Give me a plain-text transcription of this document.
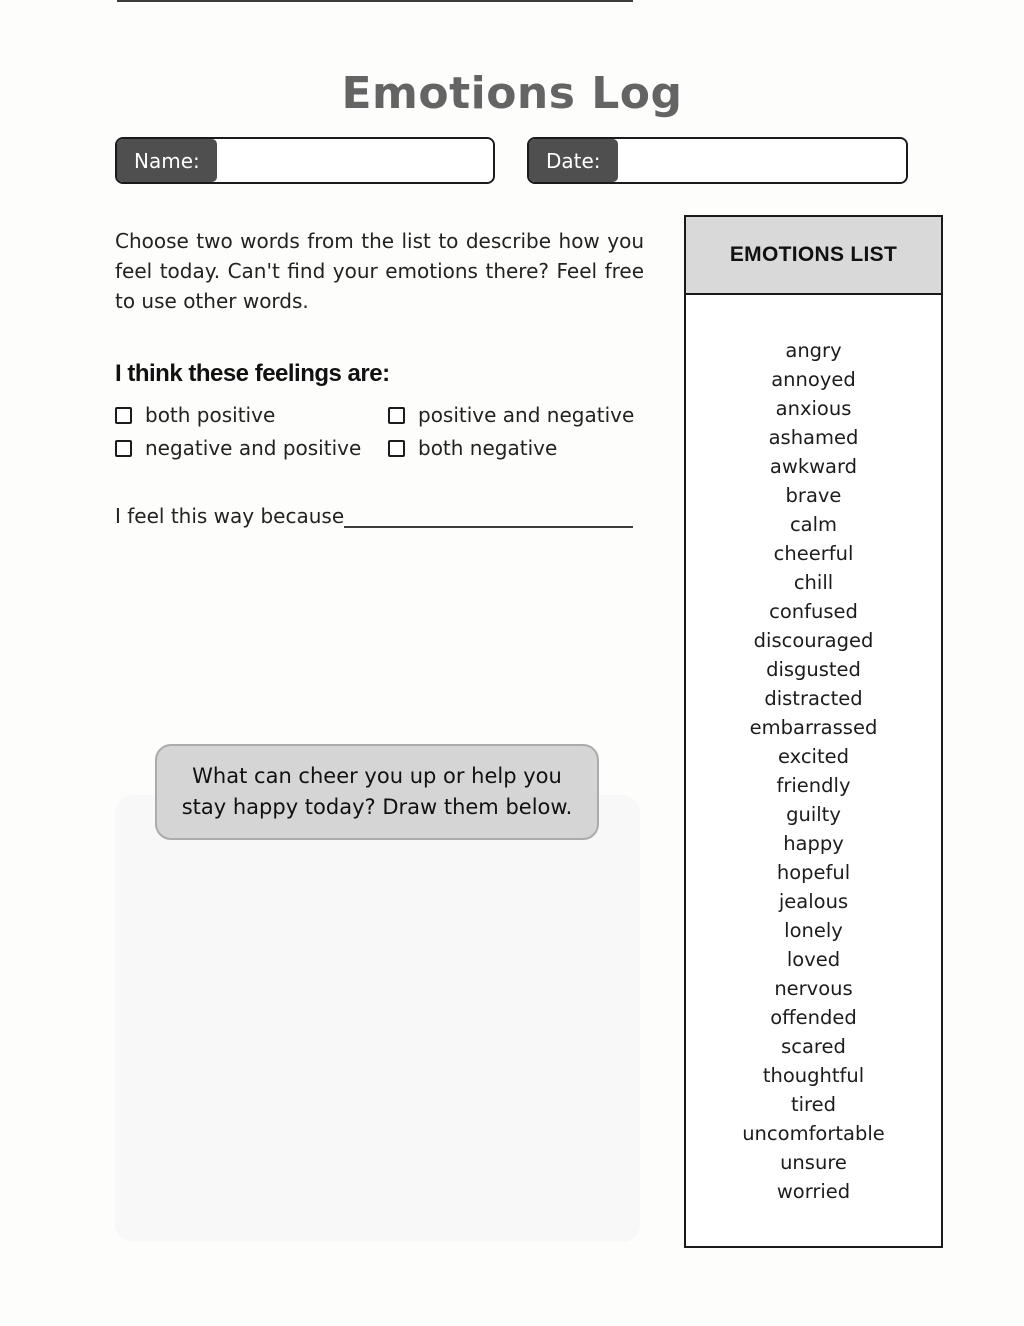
Emotions Log
Name:	Date:

Choose two words from the list to describe how you feel today. Can't find your emotions there? Feel free to use other words.

I think these feelings are:
both positive	positive and negative
negative and positive	both negative
I feel this way because
What can cheer you up or help you stay happy today? Draw them below.
EMOTIONS LIST
angry
annoyed
anxious
ashamed
awkward
brave
calm
cheerful
chill
confused
discouraged
disgusted
distracted
embarrassed
excited
friendly
guilty
happy
hopeful
jealous
lonely
loved
nervous
offended
scared
thoughtful
tired
uncomfortable
unsure
worried
